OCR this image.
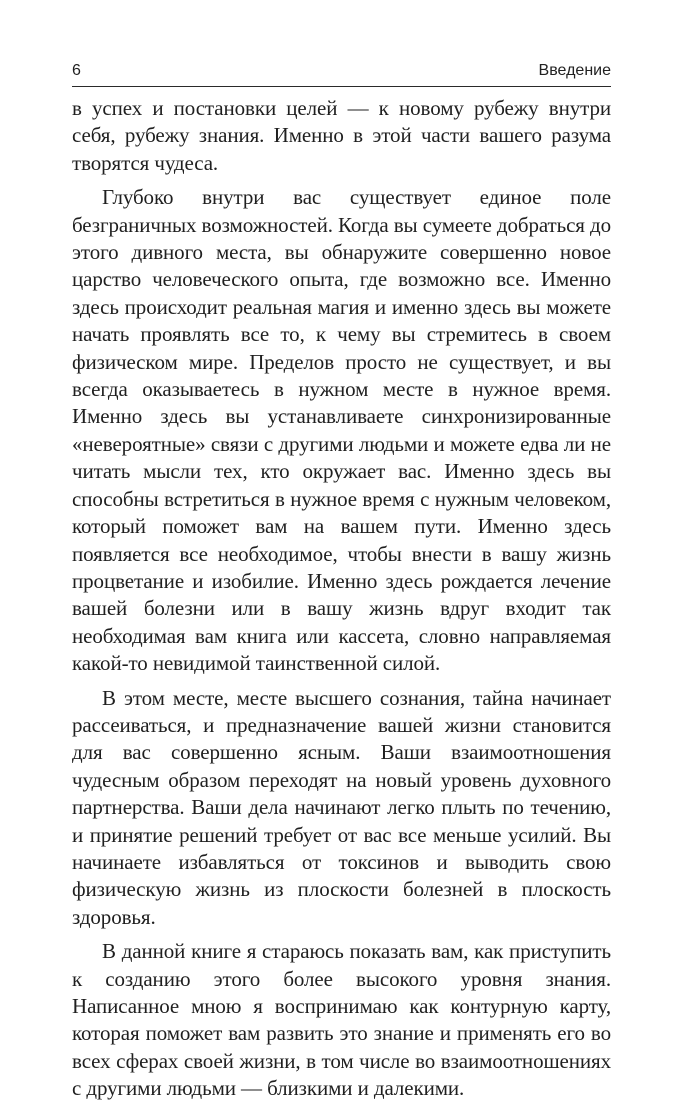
6	Введение

в успех и постановки целей — к новому рубежу внутри себя, рубежу знания. Именно в этой части вашего разума творятся чудеса.

Глубоко внутри вас существует единое поле безграничных возможностей. Когда вы сумеете добраться до этого дивного места, вы обнаружите совершенно новое царство человеческого опыта, где возможно все. Именно здесь происходит реальная магия и именно здесь вы можете начать проявлять все то, к чему вы стремитесь в своем физическом мире. Пределов просто не существует, и вы всегда оказываетесь в нужном месте в нужное время. Именно здесь вы устанавливаете синхронизированные «невероятные» связи с другими людьми и можете едва ли не читать мысли тех, кто окружает вас. Именно здесь вы способны встретиться в нужное время с нужным человеком, который поможет вам на вашем пути. Именно здесь появляется все необходимое, чтобы внести в вашу жизнь процветание и изобилие. Именно здесь рождается лечение вашей болезни или в вашу жизнь вдруг входит так необходимая вам книга или кассета, словно направляемая какой-то невидимой таинственной силой.

В этом месте, месте высшего сознания, тайна начинает рассеиваться, и предназначение вашей жизни становится для вас совершенно ясным. Ваши взаимоотношения чудесным образом переходят на новый уровень духовного партнерства. Ваши дела начинают легко плыть по течению, и принятие решений требует от вас все меньше усилий. Вы начинаете избавляться от токсинов и выводить свою физическую жизнь из плоскости болезней в плоскость здоровья.

В данной книге я стараюсь показать вам, как приступить к созданию этого более высокого уровня знания. Написанное мною я воспринимаю как контурную карту, которая поможет вам развить это знание и применять его во всех сферах своей жизни, в том числе во взаимоотношениях с другими людьми — близкими и далекими.
